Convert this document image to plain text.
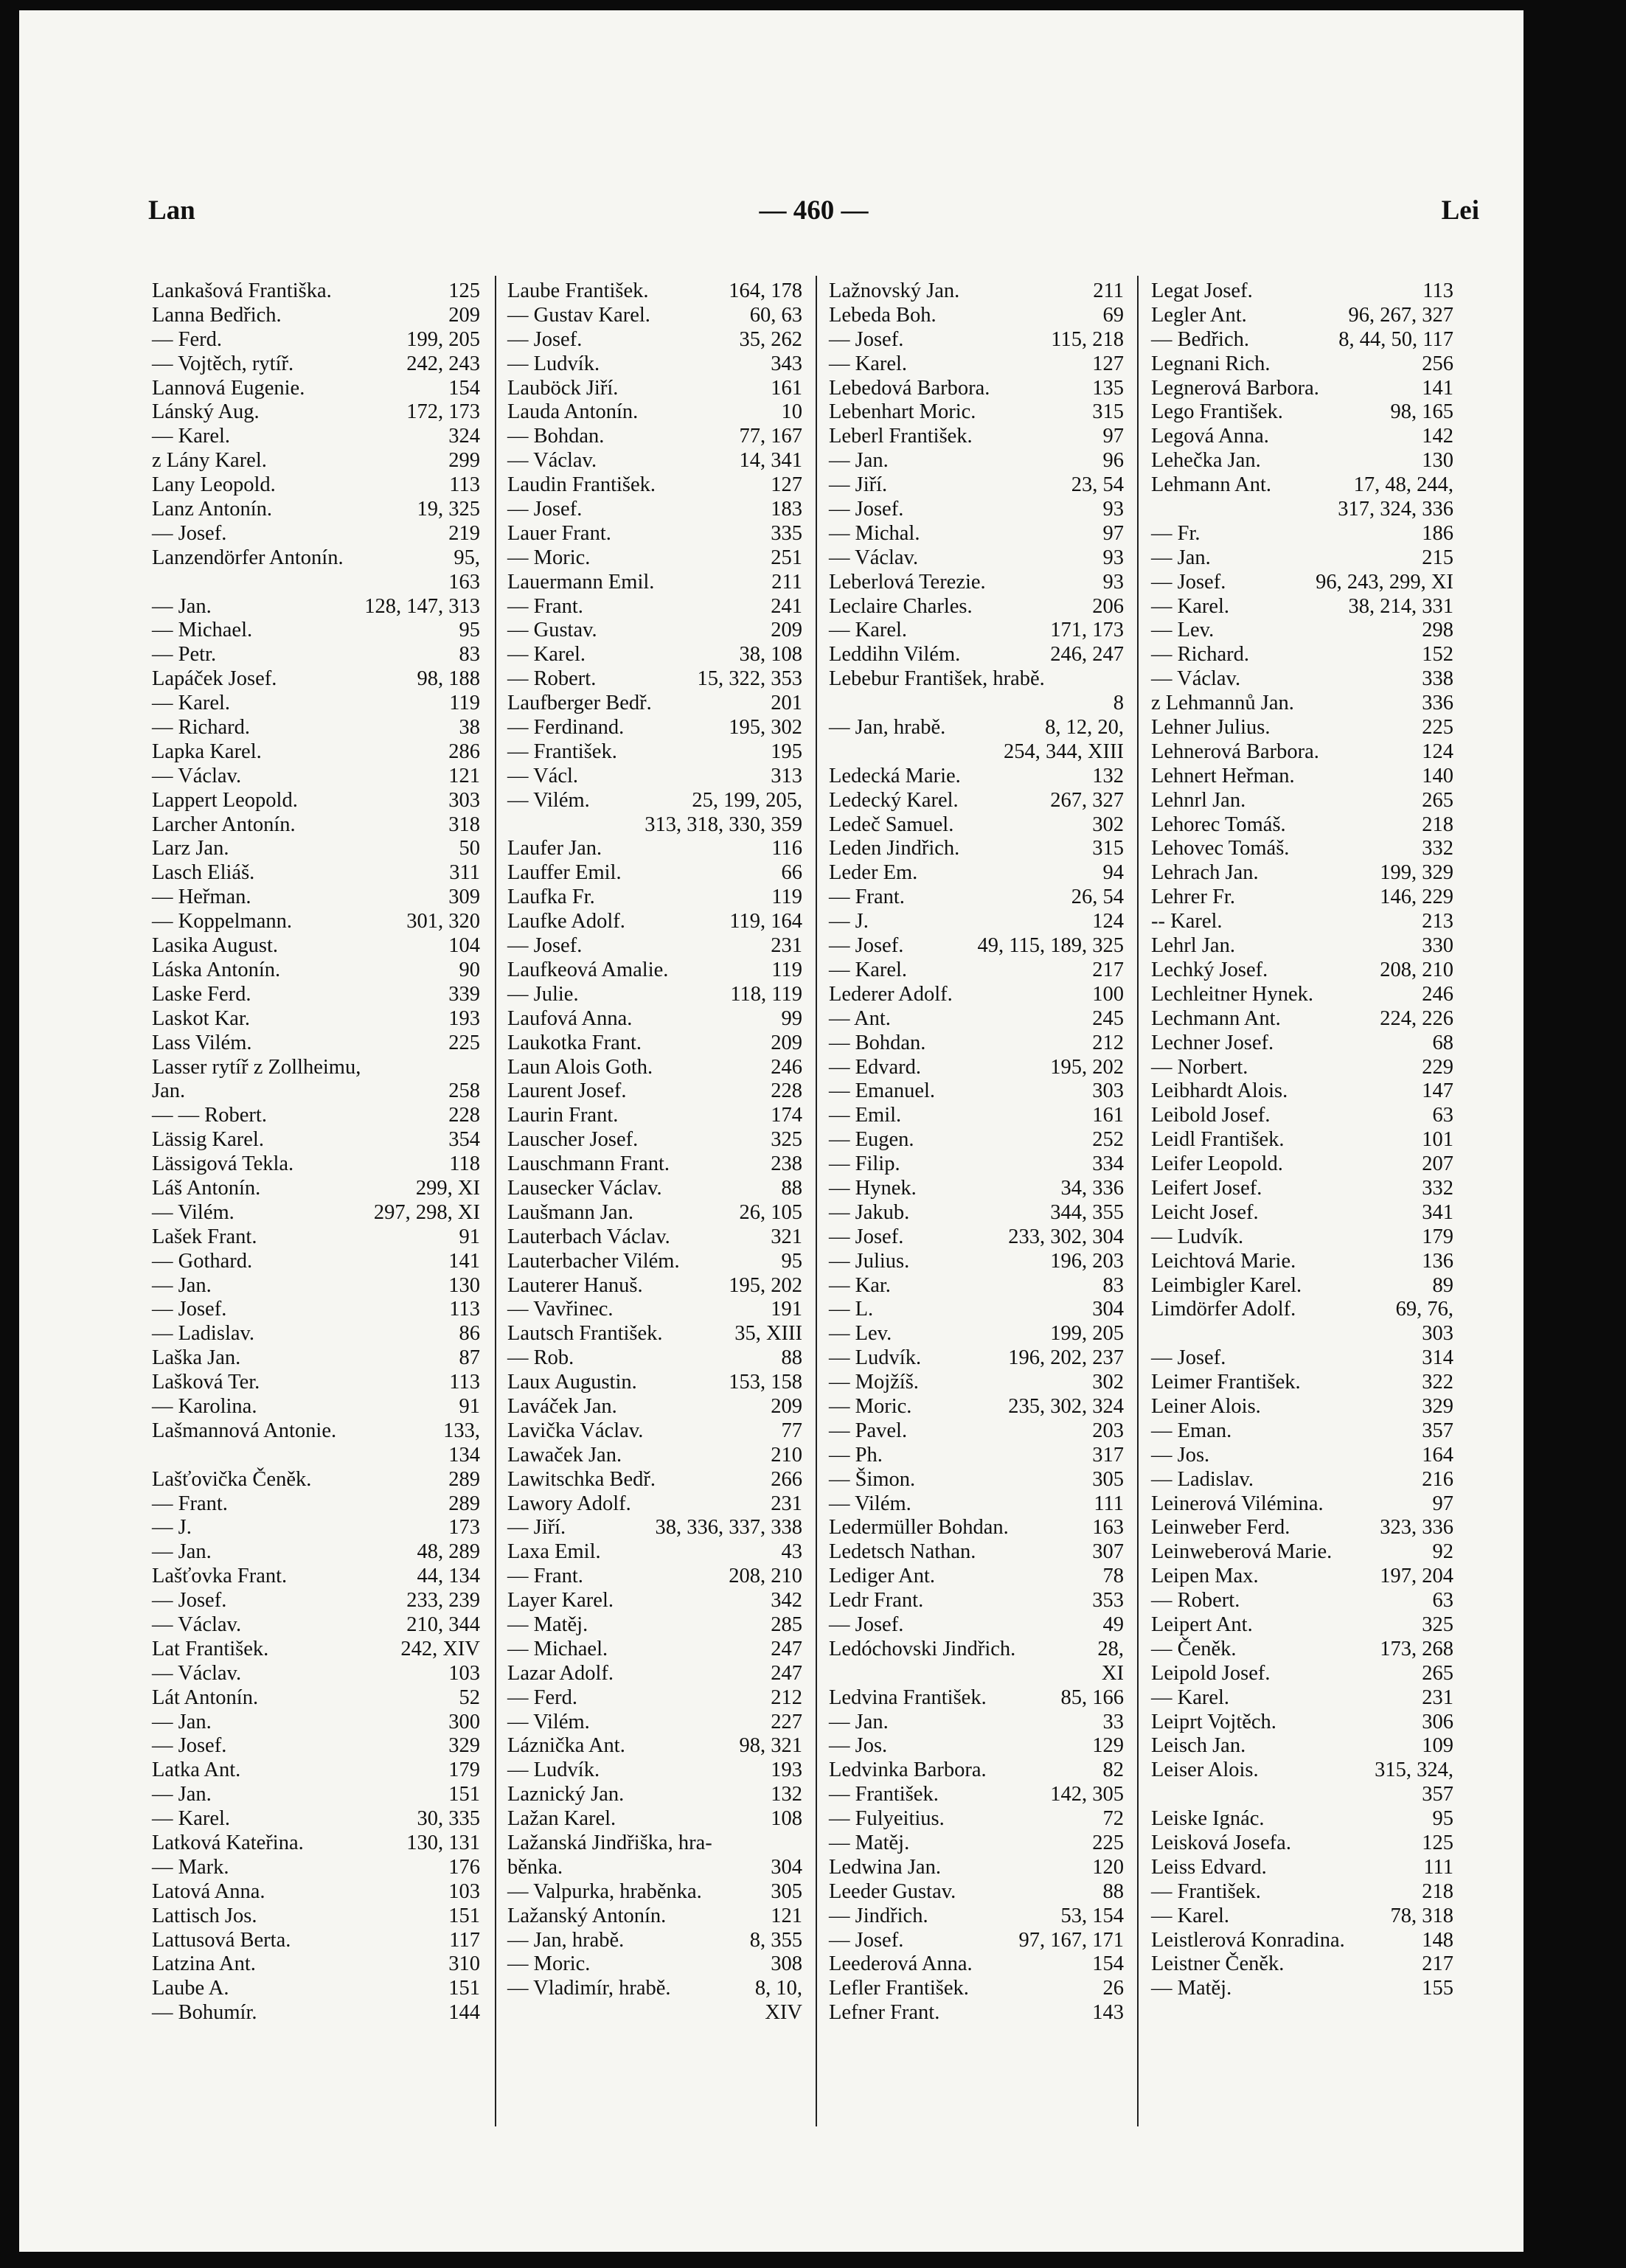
Lan	— 460 —	Lei
Lankašová Františka.	125
Lanna Bedřich.	209
— Ferd.	199, 205
— Vojtěch, rytíř.	242, 243
Lannová Eugenie.	154
Lánský Aug.	172, 173
— Karel.	324
z Lány Karel.	299
Lany Leopold.	113
Lanz Antonín.	19, 325
— Josef.	219
Lanzendörfer Antonín.	95,
163
— Jan.	128, 147, 313
— Michael.	95
— Petr.	83
Lapáček Josef.	98, 188
— Karel.	119
— Richard.	38
Lapka Karel.	286
— Václav.	121
Lappert Leopold.	303
Larcher Antonín.	318
Larz Jan.	50
Lasch Eliáš.	311
— Heřman.	309
— Koppelmann.	301, 320
Lasika August.	104
Láska Antonín.	90
Laske Ferd.	339
Laskot Kar.	193
Lass Vilém.	225
Lasser rytíř z Zollheimu,
Jan.	258
— — Robert.	228
Lässig Karel.	354
Lässigová Tekla.	118
Láš Antonín.	299, XI
— Vilém.	297, 298, XI
Lašek Frant.	91
— Gothard.	141
— Jan.	130
— Josef.	113
— Ladislav.	86
Laška Jan.	87
Lašková Ter.	113
— Karolina.	91
Lašmannová Antonie.	133,
134
Lašťovička Čeněk.	289
— Frant.	289
— J.	173
— Jan.	48, 289
Lašťovka Frant.	44, 134
— Josef.	233, 239
— Václav.	210, 344
Lat František.	242, XIV
— Václav.	103
Lát Antonín.	52
— Jan.	300
— Josef.	329
Latka Ant.	179
— Jan.	151
— Karel.	30, 335
Latková Kateřina.	130, 131
— Mark.	176
Latová Anna.	103
Lattisch Jos.	151
Lattusová Berta.	117
Latzina Ant.	310
Laube A.	151
— Bohumír.	144
Laube František.	164, 178
— Gustav Karel.	60, 63
— Josef.	35, 262
— Ludvík.	343
Lauböck Jiří.	161
Lauda Antonín.	10
— Bohdan.	77, 167
— Václav.	14, 341
Laudin František.	127
— Josef.	183
Lauer Frant.	335
— Moric.	251
Lauermann Emil.	211
— Frant.	241
— Gustav.	209
— Karel.	38, 108
— Robert.	15, 322, 353
Laufberger Bedř.	201
— Ferdinand.	195, 302
— František.	195
— Václ.	313
— Vilém.	25, 199, 205,
313, 318, 330, 359
Laufer Jan.	116
Lauffer Emil.	66
Laufka Fr.	119
Laufke Adolf.	119, 164
— Josef.	231
Laufkeová Amalie.	119
— Julie.	118, 119
Laufová Anna.	99
Laukotka Frant.	209
Laun Alois Goth.	246
Laurent Josef.	228
Laurin Frant.	174
Lauscher Josef.	325
Lauschmann Frant.	238
Lausecker Václav.	88
Laušmann Jan.	26, 105
Lauterbach Václav.	321
Lauterbacher Vilém.	95
Lauterer Hanuš.	195, 202
— Vavřinec.	191
Lautsch František.	35, XIII
— Rob.	88
Laux Augustin.	153, 158
Laváček Jan.	209
Lavička Václav.	77
Lawaček Jan.	210
Lawitschka Bedř.	266
Lawory Adolf.	231
— Jiří.	38, 336, 337, 338
Laxa Emil.	43
— Frant.	208, 210
Layer Karel.	342
— Matěj.	285
— Michael.	247
Lazar Adolf.	247
— Ferd.	212
— Vilém.	227
Láznička Ant.	98, 321
— Ludvík.	193
Laznický Jan.	132
Lažan Karel.	108
Lažanská Jindřiška, hra-
běnka.	304
— Valpurka, hraběnka.	305
Lažanský Antonín.	121
— Jan, hrabě.	8, 355
— Moric.	308
— Vladimír, hrabě.	8, 10,
XIV
Lažnovský Jan.	211
Lebeda Boh.	69
— Josef.	115, 218
— Karel.	127
Lebedová Barbora.	135
Lebenhart Moric.	315
Leberl František.	97
— Jan.	96
— Jiří.	23, 54
— Josef.	93
— Michal.	97
— Václav.	93
Leberlová Terezie.	93
Leclaire Charles.	206
— Karel.	171, 173
Leddihn Vilém.	246, 247
Lebebur František, hrabě.
8
— Jan, hrabě.	8, 12, 20,
254, 344, XIII
Ledecká Marie.	132
Ledecký Karel.	267, 327
Ledeč Samuel.	302
Leden Jindřich.	315
Leder Em.	94
— Frant.	26, 54
— J.	124
— Josef.	49, 115, 189, 325
— Karel.	217
Lederer Adolf.	100
— Ant.	245
— Bohdan.	212
— Edvard.	195, 202
— Emanuel.	303
— Emil.	161
— Eugen.	252
— Filip.	334
— Hynek.	34, 336
— Jakub.	344, 355
— Josef.	233, 302, 304
— Julius.	196, 203
— Kar.	83
— L.	304
— Lev.	199, 205
— Ludvík.	196, 202, 237
— Mojžíš.	302
— Moric.	235, 302, 324
— Pavel.	203
— Ph.	317
— Šimon.	305
— Vilém.	111
Ledermüller Bohdan.	163
Ledetsch Nathan.	307
Lediger Ant.	78
Ledr Frant.	353
— Josef.	49
Ledóchovski Jindřich.	28,
XI
Ledvina František.	85, 166
— Jan.	33
— Jos.	129
Ledvinka Barbora.	82
— František.	142, 305
— Fulyeitius.	72
— Matěj.	225
Ledwina Jan.	120
Leeder Gustav.	88
— Jindřich.	53, 154
— Josef.	97, 167, 171
Leederová Anna.	154
Lefler František.	26
Lefner Frant.	143
Legat Josef.	113
Legler Ant.	96, 267, 327
— Bedřich.	8, 44, 50, 117
Legnani Rich.	256
Legnerová Barbora.	141
Lego František.	98, 165
Legová Anna.	142
Lehečka Jan.	130
Lehmann Ant.	17, 48, 244,
317, 324, 336
— Fr.	186
— Jan.	215
— Josef.	96, 243, 299, XI
— Karel.	38, 214, 331
— Lev.	298
— Richard.	152
— Václav.	338
z Lehmannů Jan.	336
Lehner Julius.	225
Lehnerová Barbora.	124
Lehnert Heřman.	140
Lehnrl Jan.	265
Lehorec Tomáš.	218
Lehovec Tomáš.	332
Lehrach Jan.	199, 329
Lehrer Fr.	146, 229
-- Karel.	213
Lehrl Jan.	330
Lechký Josef.	208, 210
Lechleitner Hynek.	246
Lechmann Ant.	224, 226
Lechner Josef.	68
— Norbert.	229
Leibhardt Alois.	147
Leibold Josef.	63
Leidl František.	101
Leifer Leopold.	207
Leifert Josef.	332
Leicht Josef.	341
— Ludvík.	179
Leichtová Marie.	136
Leimbigler Karel.	89
Limdörfer Adolf.	69, 76,
303
— Josef.	314
Leimer František.	322
Leiner Alois.	329
— Eman.	357
— Jos.	164
— Ladislav.	216
Leinerová Vilémina.	97
Leinweber Ferd.	323, 336
Leinweberová Marie.	92
Leipen Max.	197, 204
— Robert.	63
Leipert Ant.	325
— Čeněk.	173, 268
Leipold Josef.	265
— Karel.	231
Leiprt Vojtěch.	306
Leisch Jan.	109
Leiser Alois.	315, 324,
357
Leiske Ignác.	95
Leisková Josefa.	125
Leiss Edvard.	111
— František.	218
— Karel.	78, 318
Leistlerová Konradina.	148
Leistner Čeněk.	217
— Matěj.	155
